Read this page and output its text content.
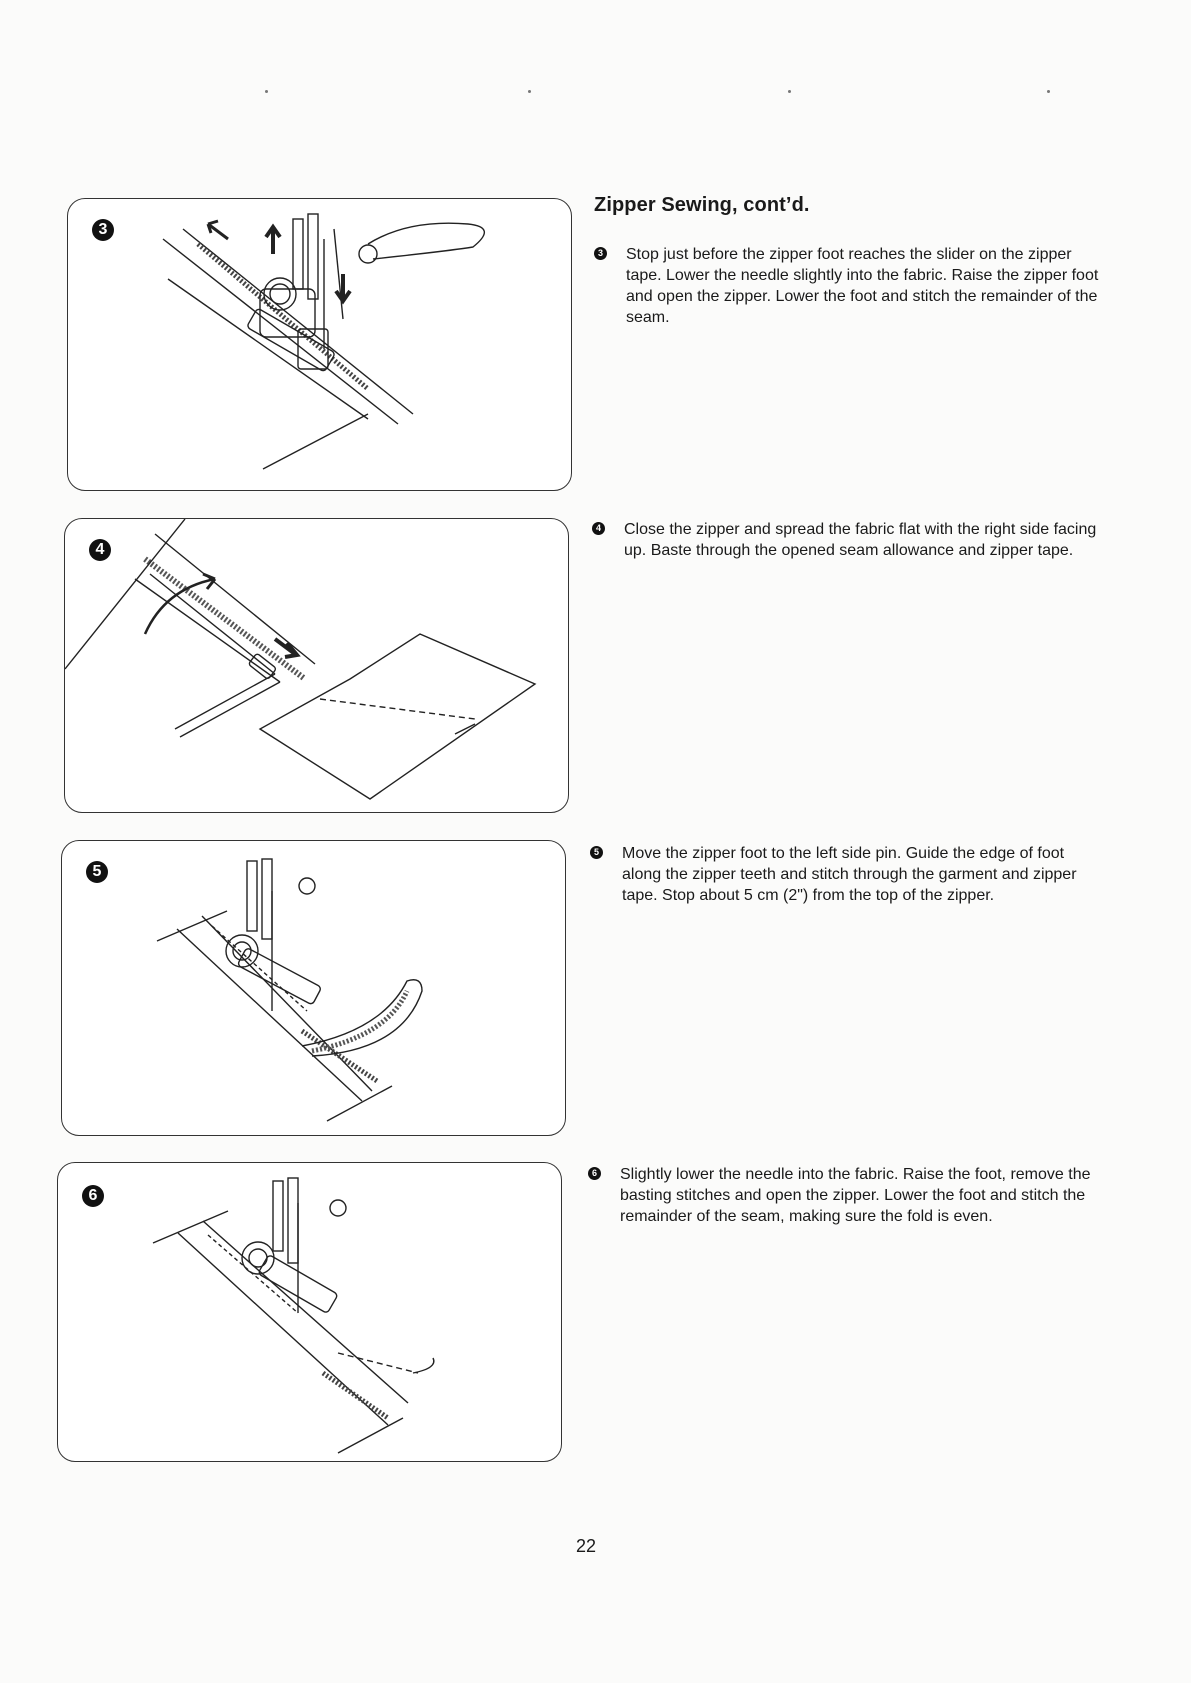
3
4
5
6
Zipper Sewing, cont’d.
3 Stop just before the zipper foot reaches the slider on the zipper tape. Lower the needle slightly into the fabric. Raise the zipper foot and open the zipper. Lower the foot and stitch the remainder of the seam.
4 Close the zipper and spread the fabric flat with the right side facing up. Baste through the opened seam allowance and zipper tape.
5 Move the zipper foot to the left side pin. Guide the edge of foot along the zipper teeth and stitch through the garment and zipper tape. Stop about 5 cm (2") from the top of the zipper.
6 Slightly lower the needle into the fabric. Raise the foot, remove the basting stitches and open the zipper. Lower the foot and stitch the remainder of the seam, making sure the fold is even.
22
